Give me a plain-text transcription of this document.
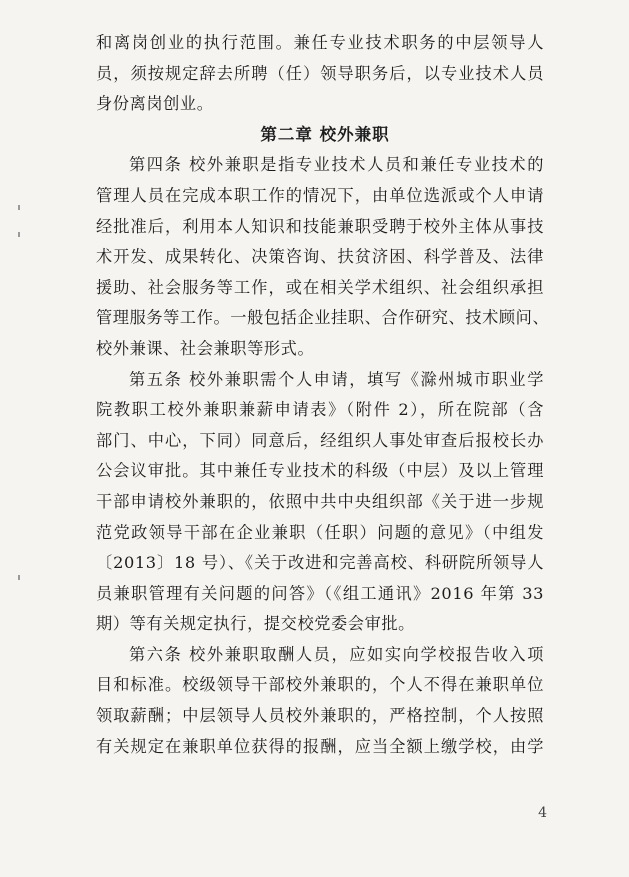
和离岗创业的执行范围。兼任专业技术职务的中层领导人
员，须按规定辞去所聘（任）领导职务后，以专业技术人员
身份离岗创业。
第二章 校外兼职
第四条 校外兼职是指专业技术人员和兼任专业技术的
管理人员在完成本职工作的情况下，由单位选派或个人申请
经批准后，利用本人知识和技能兼职受聘于校外主体从事技
术开发、成果转化、决策咨询、扶贫济困、科学普及、法律
援助、社会服务等工作，或在相关学术组织、社会组织承担
管理服务等工作。一般包括企业挂职、合作研究、技术顾问、
校外兼课、社会兼职等形式。
第五条 校外兼职需个人申请，填写《滁州城市职业学
院教职工校外兼职兼薪申请表》（附件 2），所在院部（含
部门、中心，下同）同意后，经组织人事处审查后报校长办
公会议审批。其中兼任专业技术的科级（中层）及以上管理
干部申请校外兼职的，依照中共中央组织部《关于进一步规
范党政领导干部在企业兼职（任职）问题的意见》（中组发
〔2013〕18 号）、《关于改进和完善高校、科研院所领导人
员兼职管理有关问题的问答》（《组工通讯》2016 年第 33
期）等有关规定执行，提交校党委会审批。
第六条 校外兼职取酬人员，应如实向学校报告收入项
目和标准。校级领导干部校外兼职的，个人不得在兼职单位
领取薪酬；中层领导人员校外兼职的，严格控制，个人按照
有关规定在兼职单位获得的报酬，应当全额上缴学校，由学
4
